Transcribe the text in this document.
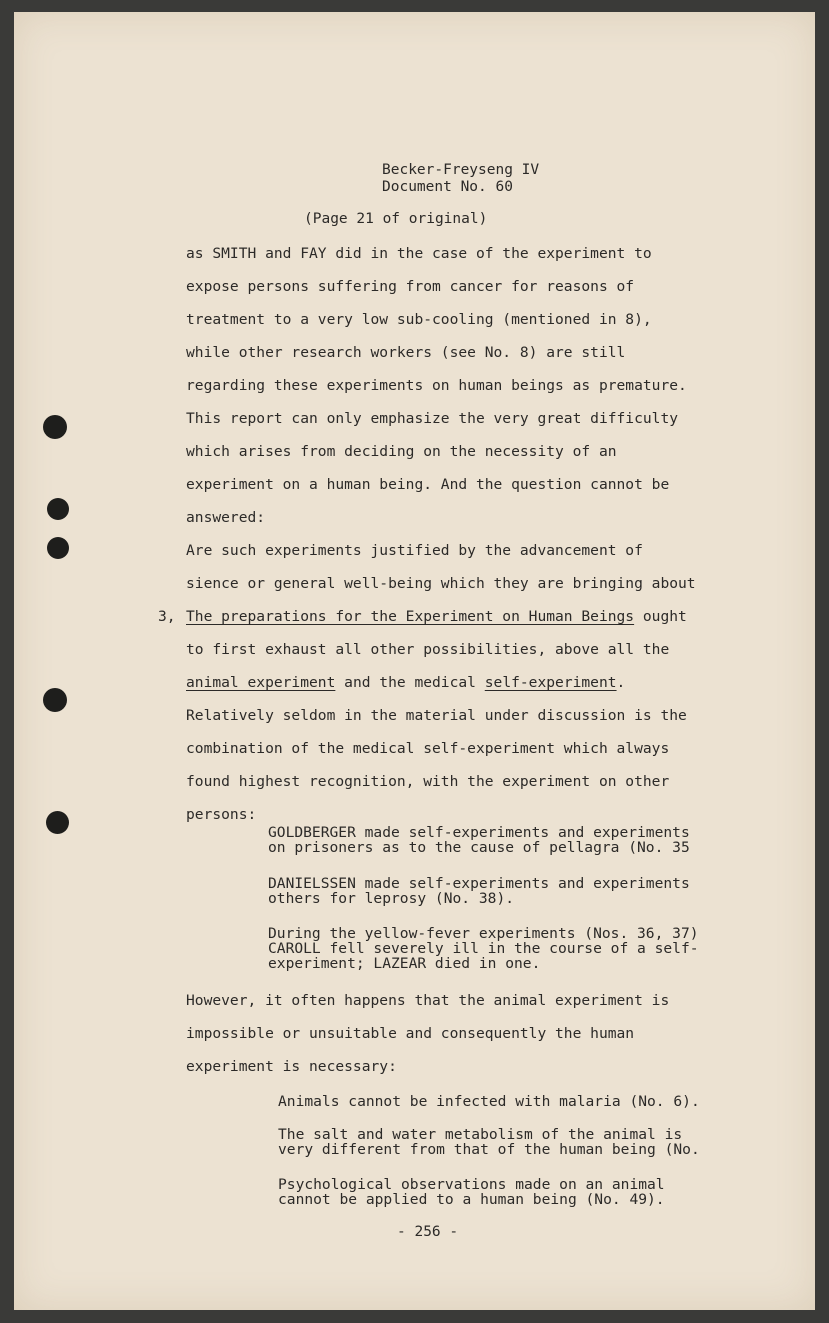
Becker-Freyseng IV
Document No. 60
(Page 21 of original)
as SMITH and FAY did in the case of the experiment to
expose persons suffering from cancer for reasons of
treatment to a very low sub-cooling (mentioned in 8),
while other research workers (see No. 8) are still
regarding these experiments on human beings as premature.
This report can only emphasize the very great difficulty
which arises from deciding on the necessity of an
experiment on a human being. And the question cannot be
answered:
Are such experiments justified by the advancement of
sience or general well-being which they are bringing about
3, The preparations for the Experiment on Human Beings ought
to first exhaust all other possibilities, above all the
animal experiment and the medical self-experiment.
Relatively seldom in the material under discussion is the
combination of the medical self-experiment which always
found highest recognition, with the experiment on other
persons:
GOLDBERGER made self-experiments and experiments
on prisoners as to the cause of pellagra (No. 35
DANIELSSEN made self-experiments and experiments
others for leprosy (No. 38).
During the yellow-fever experiments (Nos. 36, 37)
CAROLL fell severely ill in the course of a self-
experiment; LAZEAR died in one.
However, it often happens that the animal experiment is
impossible or unsuitable and consequently the human
experiment is necessary:
Animals cannot be infected with malaria (No. 6).
The salt and water metabolism of the animal is
very different from that of the human being (No.
Psychological observations made on an animal
cannot be applied to a human being (No. 49).
- 256 -
